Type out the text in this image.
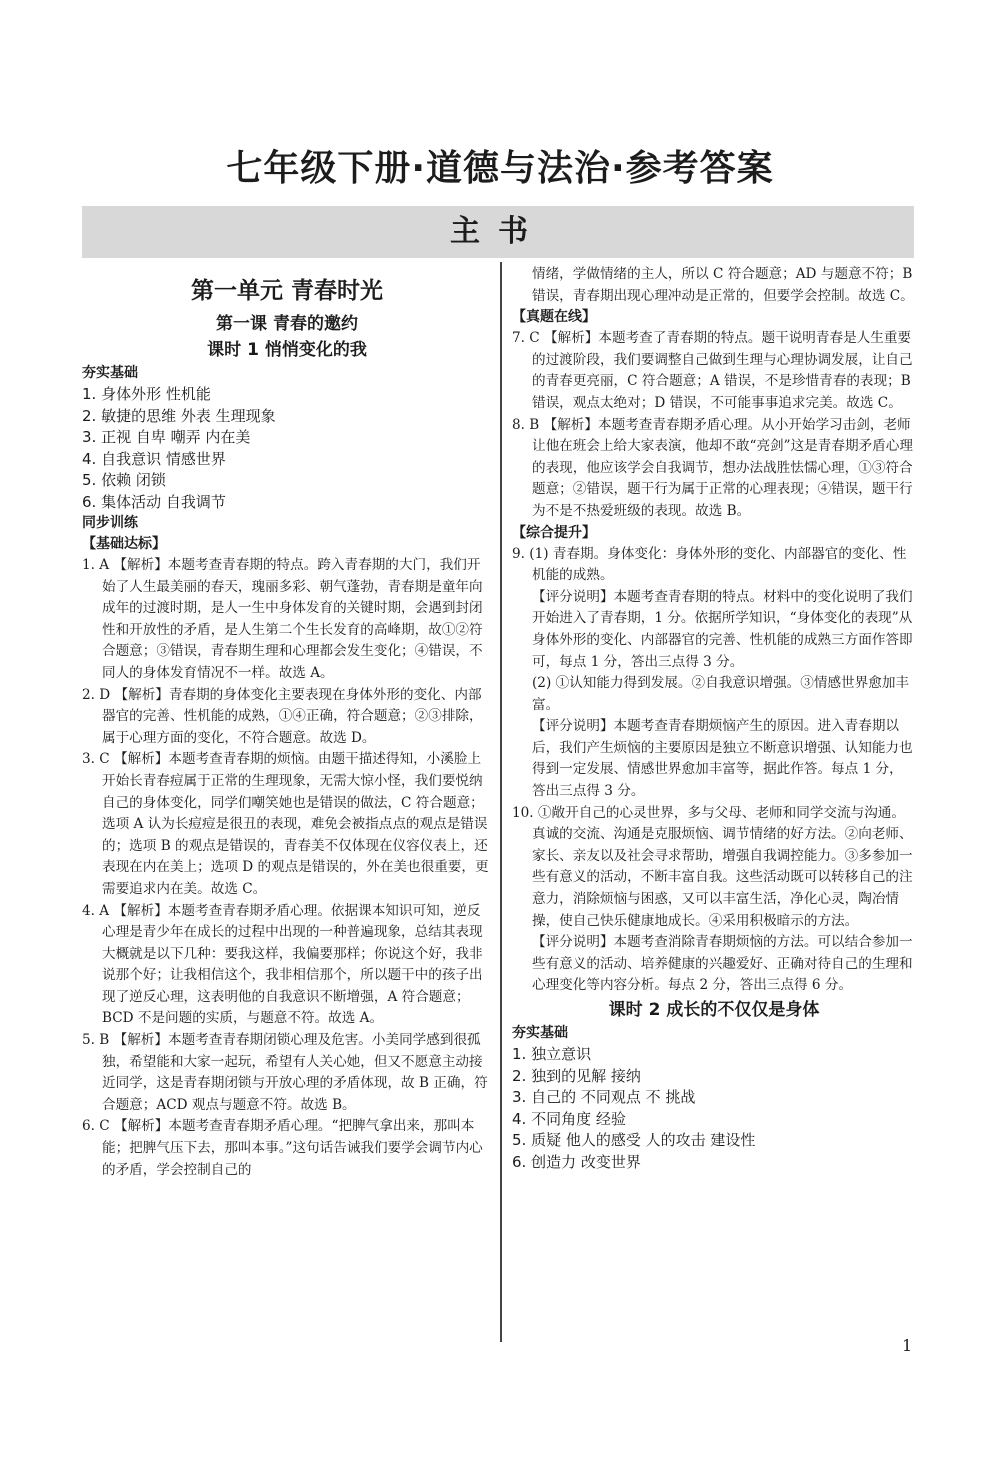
七年级下册·道德与法治·参考答案
主书
第一单元 青春时光
第一课 青春的邀约
课时 1 悄悄变化的我
夯实基础

1. 身体外形 性机能

2. 敏捷的思维 外表 生理现象

3. 正视 自卑 嘲弄 内在美

4. 自我意识 情感世界

5. 依赖 闭锁

6. 集体活动 自我调节

同步训练
【基础达标】

1. A 【解析】本题考查青春期的特点。跨入青春期的大门，我们开始了人生最美丽的春天，瑰丽多彩、朝气蓬勃，青春期是童年向成年的过渡时期，是人一生中身体发育的关键时期，会遇到封闭性和开放性的矛盾，是人生第二个生长发育的高峰期，故①②符合题意；③错误，青春期生理和心理都会发生变化；④错误，不同人的身体发育情况不一样。故选 A。

2. D 【解析】青春期的身体变化主要表现在身体外形的变化、内部器官的完善、性机能的成熟，①④正确，符合题意；②③排除，属于心理方面的变化，不符合题意。故选 D。

3. C 【解析】本题考查青春期的烦恼。由题干描述得知，小溪脸上开始长青春痘属于正常的生理现象，无需大惊小怪，我们要悦纳自己的身体变化，同学们嘲笑她也是错误的做法，C 符合题意；选项 A 认为长痘痘是很丑的表现，难免会被指点点的观点是错误的；选项 B 的观点是错误的，青春美不仅体现在仪容仪表上，还表现在内在美上；选项 D 的观点是错误的，外在美也很重要，更需要追求内在美。故选 C。

4. A 【解析】本题考查青春期矛盾心理。依据课本知识可知，逆反心理是青少年在成长的过程中出现的一种普遍现象，总结其表现大概就是以下几种：要我这样，我偏要那样；你说这个好，我非说那个好；让我相信这个，我非相信那个，所以题干中的孩子出现了逆反心理，这表明他的自我意识不断增强，A 符合题意；BCD 不是问题的实质，与题意不符。故选 A。

5. B 【解析】本题考查青春期闭锁心理及危害。小美同学感到很孤独，希望能和大家一起玩，希望有人关心她，但又不愿意主动接近同学，这是青春期闭锁与开放心理的矛盾体现，故 B 正确，符合题意；ACD 观点与题意不符。故选 B。

6. C 【解析】本题考查青春期矛盾心理。“把脾气拿出来，那叫本能；把脾气压下去，那叫本事。”这句话告诫我们要学会调节内心的矛盾，学会控制自己的

情绪，学做情绪的主人，所以 C 符合题意；AD 与题意不符；B 错误，青春期出现心理冲动是正常的，但要学会控制。故选 C。

【真题在线】

7. C 【解析】本题考查了青春期的特点。题干说明青春是人生重要的过渡阶段，我们要调整自己做到生理与心理协调发展，让自己的青春更亮丽，C 符合题意；A 错误，不是珍惜青春的表现；B 错误，观点太绝对；D 错误，不可能事事追求完美。故选 C。

8. B 【解析】本题考查青春期矛盾心理。从小开始学习击剑，老师让他在班会上给大家表演，他却不敢“亮剑”这是青春期矛盾心理的表现，他应该学会自我调节，想办法战胜怯懦心理，①③符合题意；②错误，题干行为属于正常的心理表现；④错误，题干行为不是不热爱班级的表现。故选 B。

【综合提升】

9. (1) 青春期。身体变化：身体外形的变化、内部器官的变化、性机能的成熟。

【评分说明】本题考查青春期的特点。材料中的变化说明了我们开始进入了青春期，1 分。依据所学知识，“身体变化的表现”从身体外形的变化、内部器官的完善、性机能的成熟三方面作答即可，每点 1 分，答出三点得 3 分。

(2) ①认知能力得到发展。②自我意识增强。③情感世界愈加丰富。

【评分说明】本题考查青春期烦恼产生的原因。进入青春期以后，我们产生烦恼的主要原因是独立不断意识增强、认知能力也得到一定发展、情感世界愈加丰富等，据此作答。每点 1 分，答出三点得 3 分。

10. ①敞开自己的心灵世界，多与父母、老师和同学交流与沟通。真诚的交流、沟通是克服烦恼、调节情绪的好方法。②向老师、家长、亲友以及社会寻求帮助，增强自我调控能力。③多参加一些有意义的活动，不断丰富自我。这些活动既可以转移自己的注意力，消除烦恼与困惑，又可以丰富生活，净化心灵，陶冶情操，使自己快乐健康地成长。④采用积极暗示的方法。

【评分说明】本题考查消除青春期烦恼的方法。可以结合参加一些有意义的活动、培养健康的兴趣爱好、正确对待自己的生理和心理变化等内容分析。每点 2 分，答出三点得 6 分。

课时 2 成长的不仅仅是身体
夯实基础

1. 独立意识

2. 独到的见解 接纳

3. 自己的 不同观点 不 挑战

4. 不同角度 经验

5. 质疑 他人的感受 人的攻击 建设性

6. 创造力 改变世界

1
